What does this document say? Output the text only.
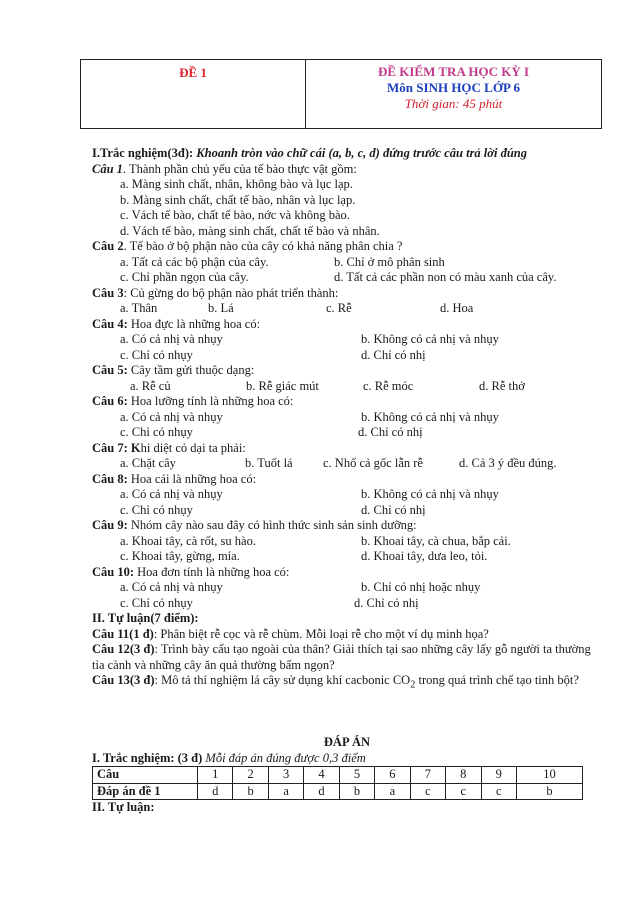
ĐỀ 1	ĐỀ KIỂM TRA HỌC KỲ I
Môn SINH HỌC LỚP 6
Thời gian: 45 phút
I.Trắc nghiệm(3đ): Khoanh tròn vào chữ cái (a, b, c, d) đứng trước câu trả lời đúng
Câu 1. Thành phần chủ yếu của tế bào thực vật gồm:
a. Màng sinh chất, nhân, không bào và lục lạp.
b. Màng sinh chất, chất tế bào, nhân và lục lạp.
c. Vách tế bào, chất tế bào, nớc và không bào.
d. Vách tế bào, màng sinh chất, chất tế bào và nhân.
Câu 2. Tế bào ở bộ phận nào của cây có khả năng phân chia ?
a. Tất cả các bộ phận của cây.	b. Chỉ ở mô phân sinh
c. Chỉ phần ngọn của cây.	d. Tất cả các phần non có màu xanh của cây.
Câu 3: Củ gừng do bộ phận nào phát triển thành:
a. Thân	b. Lá	c. Rễ	d. Hoa
Câu 4: Hoa đực là những hoa có:
a. Có cả nhị và nhụy	b. Không có cả nhị và nhụy
c. Chỉ có nhụy	d. Chỉ có nhị
Câu 5: Cây tầm gửi thuộc dạng:
a. Rễ củ	b. Rễ giác mút	c. Rễ móc	d. Rễ thở
Câu 6: Hoa lưỡng tính là những hoa có:
a. Có cả nhị và nhụy	b. Không có cả nhị và nhụy
c. Chỉ có nhụy	d. Chỉ có nhị
Câu 7: Khi diệt cỏ dại ta phải:
a. Chặt cây	b. Tuốt lá	c. Nhổ cả gốc lẫn rễ	d. Cả 3 ý đều đúng.
Câu 8: Hoa cái là những hoa có:
a. Có cả nhị và nhụy	b. Không có cả nhị và nhụy
c. Chỉ có nhụy	d. Chỉ có nhị
Câu 9: Nhóm cây nào sau đây có hình thức sinh sản sinh dưỡng:
a. Khoai tây, cà rốt, su hào.	b. Khoai tây, cà chua, bắp cải.
c. Khoai tây, gừng, mía.	d. Khoai tây, dưa leo, tỏi.
Câu 10: Hoa đơn tính là những hoa có:
a. Có cả nhị và nhụy	b. Chỉ có nhị hoặc nhụy
c. Chỉ có nhụy	d. Chỉ có nhị
II. Tự luận(7 điểm):
Câu 11(1 đ): Phân biệt rễ cọc và rễ chùm. Mỗi loại rễ cho một ví dụ minh họa?
Câu 12(3 đ): Trình bày cấu tạo ngoài của thân? Giải thích tại sao những cây lấy gỗ người ta thường tỉa cành và những cây ăn quả thường bấm ngọn?
Câu 13(3 đ): Mô tả thí nghiệm lá cây sử dụng khí cacbonic $CO_2$ trong quá trình chế tạo tinh bột?
ĐÁP ÁN
I. Trắc nghiệm: (3 đ) Mỗi đáp án đúng được 0,3 điểm
Câu	1	2	3	4	5	6	7	8	9	10
Đáp án đề 1	d	b	a	d	b	a	c	c	c	b
II. Tự luận:
